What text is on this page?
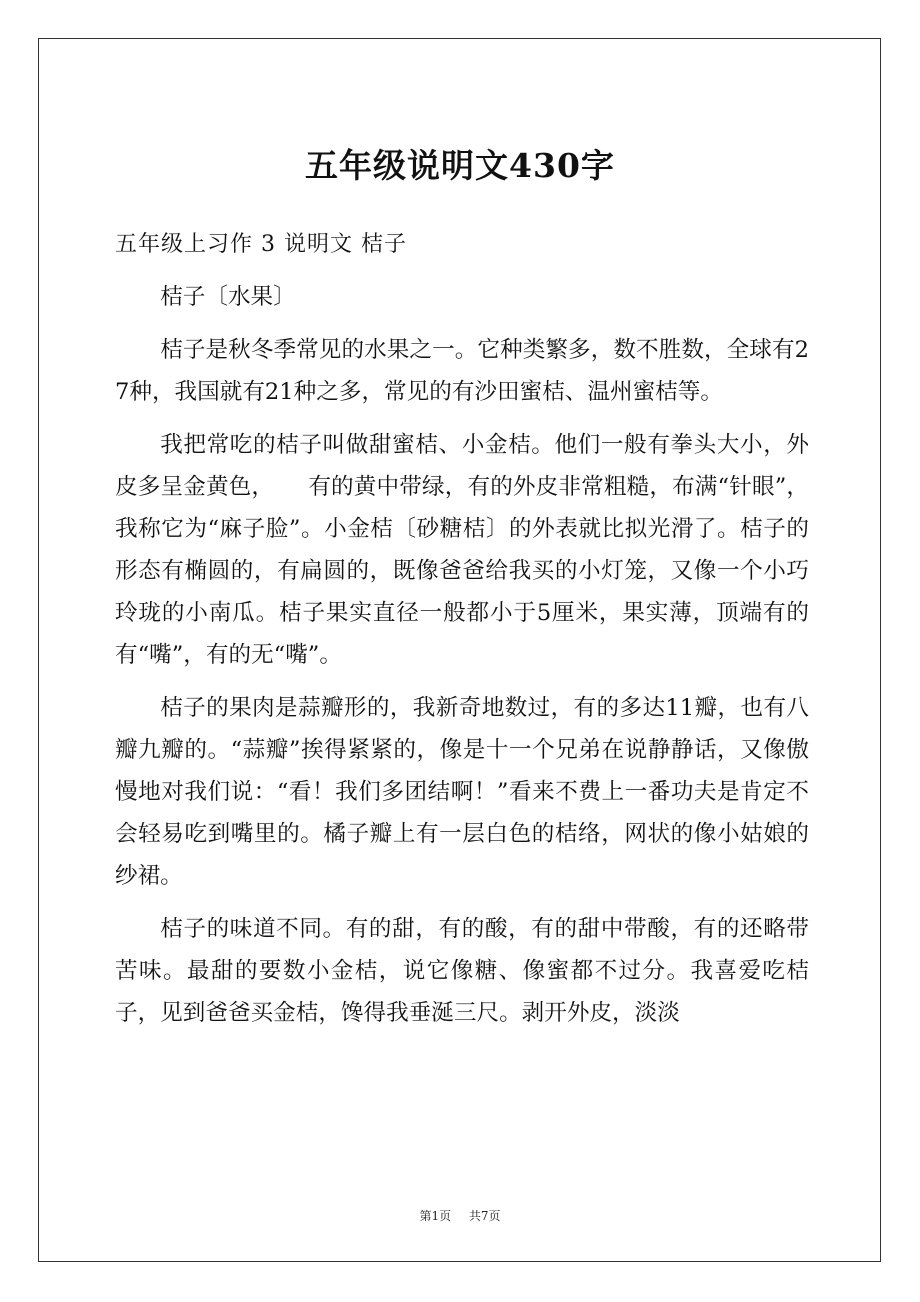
五年级说明文430字

五年级上习作 3 说明文 桔子

桔子〔水果〕

桔子是秋冬季常见的水果之一。它种类繁多，数不胜数，全球有27种，我国就有21种之多，常见的有沙田蜜桔、温州蜜桔等。

我把常吃的桔子叫做甜蜜桔、小金桔。他们一般有拳头大小，外皮多呈金黄色，　　有的黄中带绿，有的外皮非常粗糙，布满“针眼”，我称它为“麻子脸”。小金桔〔砂糖桔〕的外表就比拟光滑了。桔子的形态有椭圆的，有扁圆的，既像爸爸给我买的小灯笼，又像一个小巧玲珑的小南瓜。桔子果实直径一般都小于5厘米，果实薄，顶端有的有“嘴”，有的无“嘴”。

桔子的果肉是蒜瓣形的，我新奇地数过，有的多达11瓣，也有八瓣九瓣的。“蒜瓣”挨得紧紧的，像是十一个兄弟在说静静话，又像傲慢地对我们说：“看！我们多团结啊！”看来不费上一番功夫是肯定不会轻易吃到嘴里的。橘子瓣上有一层白色的桔络，网状的像小姑娘的纱裙。

桔子的味道不同。有的甜，有的酸，有的甜中带酸，有的还略带苦味。最甜的要数小金桔，说它像糖、像蜜都不过分。我喜爱吃桔子，见到爸爸买金桔，馋得我垂涎三尺。剥开外皮，淡淡

第1页 共7页
